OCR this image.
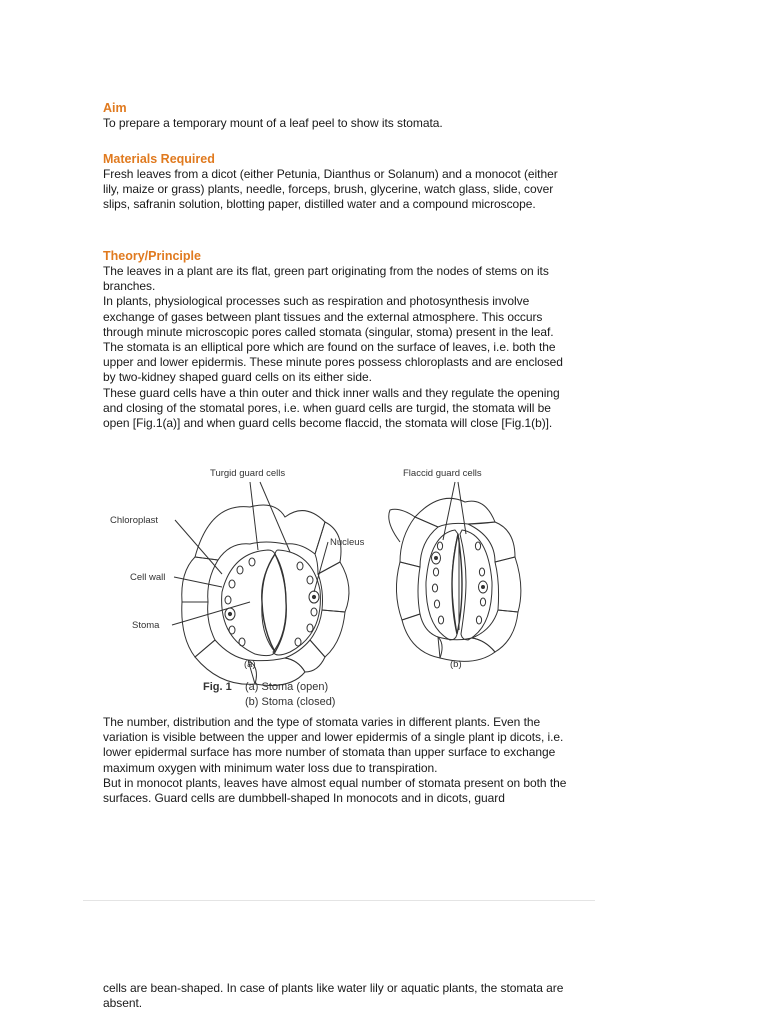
Aim

To prepare a temporary mount of a leaf peel to show its stomata.

Materials Required

Fresh leaves from a dicot (either Petunia, Dianthus or Solanum) and a monocot (either lily, maize or grass) plants, needle, forceps, brush, glycerine, watch glass, slide, cover slips, safranin solution, blotting paper, distilled water and a compound microscope.

Theory/Principle

The leaves in a plant are its flat, green part originating from the nodes of stems on its branches.

In plants, physiological processes such as respiration and photosynthesis involve exchange of gases between plant tissues and the external atmosphere. This occurs through minute microscopic pores called stomata (singular, stoma) present in the leaf.

The stomata is an elliptical pore which are found on the surface of leaves, i.e. both the upper and lower epidermis. These minute pores possess chloroplasts and are enclosed by two-kidney shaped guard cells on its either side.

These guard cells have a thin outer and thick inner walls and they regulate the opening and closing of the stomatal pores, i.e. when guard cells are turgid, the stomata will be open [Fig.1(a)] and when guard cells become flaccid, the stomata will close [Fig.1(b)].

Turgid guard cells	Flaccid guard cells
Chloroplast
Cell wall
Stoma
Nucleus
(a)	(b)
Fig. 1 (a) Stoma (open)
(b) Stoma (closed)

The number, distribution and the type of stomata varies in different plants. Even the variation is visible between the upper and lower epidermis of a single plant ip dicots, i.e. lower epidermal surface has more number of stomata than upper surface to exchange maximum oxygen with minimum water loss due to transpiration.

But in monocot plants, leaves have almost equal number of stomata present on both the surfaces. Guard cells are dumbbell-shaped In monocots and in dicots, guard

cells are bean-shaped. In case of plants like water lily or aquatic plants, the stomata are absent.
